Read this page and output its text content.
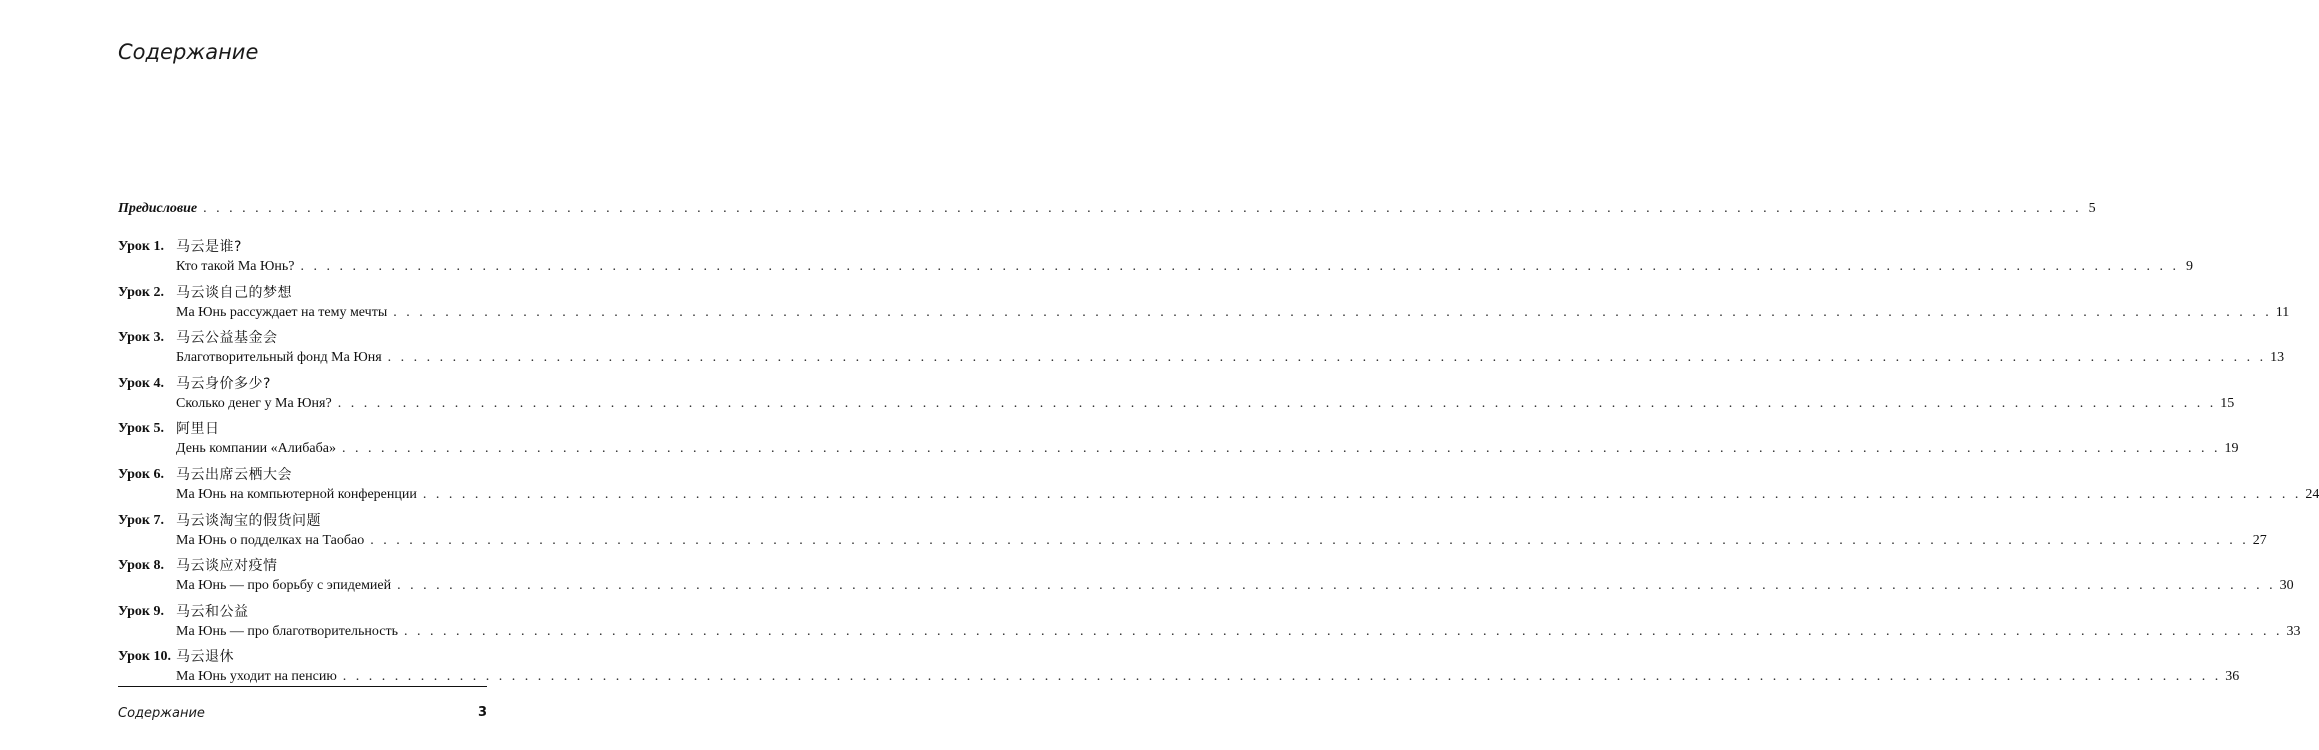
Содержание
Предисловие . . .	5
Урок 1. 马云是谁?
Кто такой Ма Юнь? . . .	9
Урок 2. 马云谈自己的梦想
Ма Юнь рассуждает на тему мечты . . .	11
Урок 3. 马云公益基金会
Благотворительный фонд Ма Юня . . .	13
Урок 4. 马云身价多少?
Сколько денег у Ма Юня? . . .	15
Урок 5. 阿里日
День компании «Алибаба» . . .	19
Урок 6. 马云出席云栖大会
Ма Юнь на компьютерной конференции . . .	24
Урок 7. 马云谈淘宝的假货问题
Ма Юнь о подделках на Таобао . . .	27
Урок 8. 马云谈应对疫情
Ма Юнь — про борьбу с эпидемией . . .	30
Урок 9. 马云和公益
Ма Юнь — про благотворительность . . .	33
Урок 10. 马云退休
Ма Юнь уходит на пенсию . . .	36
Содержание	3
